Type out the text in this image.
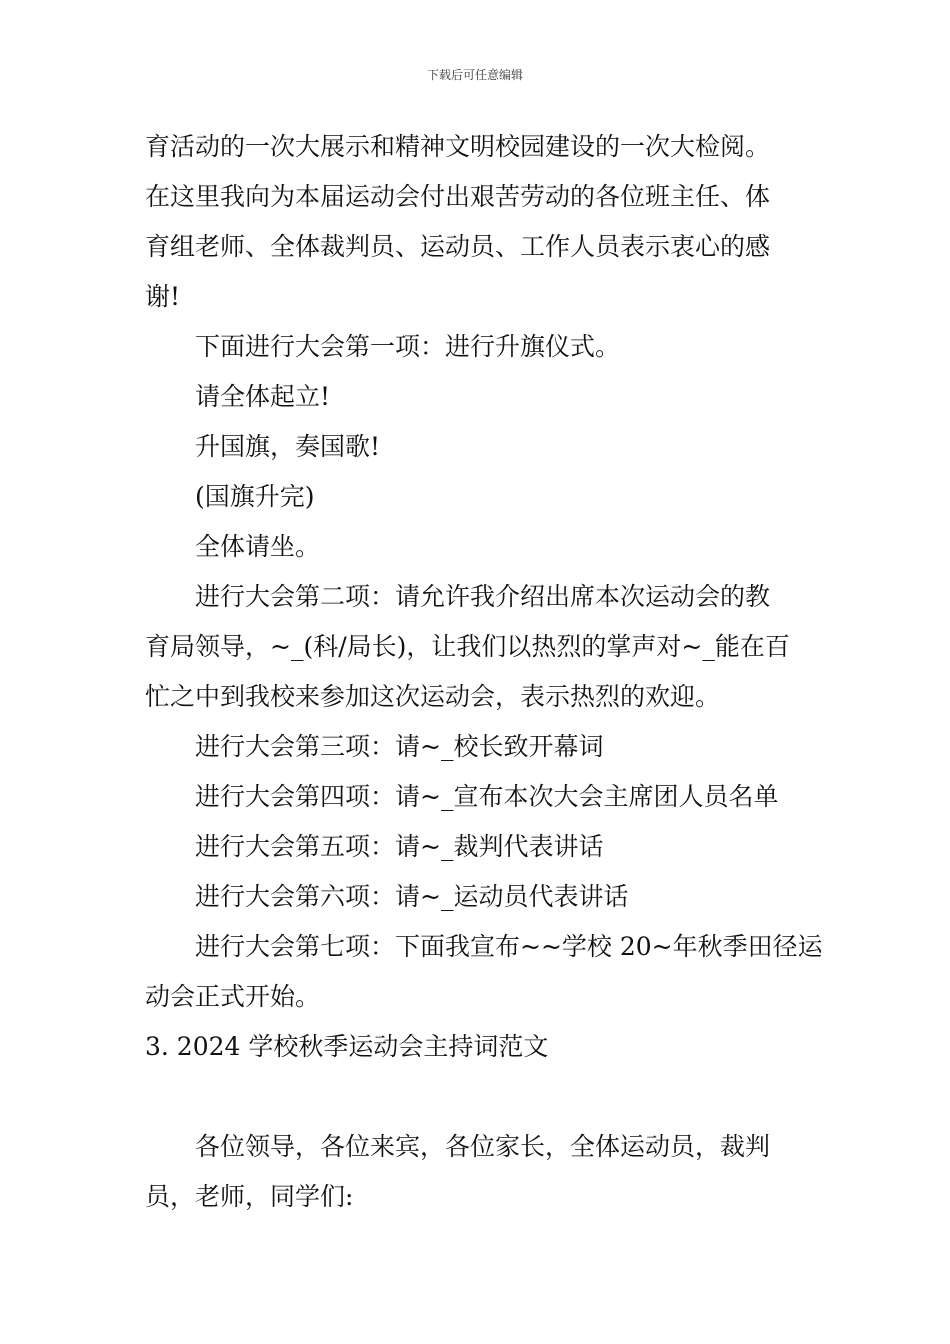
下载后可任意编辑
育活动的一次大展示和精神文明校园建设的一次大检阅。
在这里我向为本届运动会付出艰苦劳动的各位班主任、体
育组老师、全体裁判员、运动员、工作人员表示衷心的感
谢!
下面进行大会第一项：进行升旗仪式。
请全体起立!
升国旗，奏国歌!
(国旗升完)
全体请坐。
进行大会第二项：请允许我介绍出席本次运动会的教
育局领导，~_(科/局长)，让我们以热烈的掌声对~_能在百
忙之中到我校来参加这次运动会，表示热烈的欢迎。
进行大会第三项：请~_校长致开幕词
进行大会第四项：请~_宣布本次大会主席团人员名单
进行大会第五项：请~_裁判代表讲话
进行大会第六项：请~_运动员代表讲话
进行大会第七项：下面我宣布~~学校 20~年秋季田径运
动会正式开始。
3. 2024 学校秋季运动会主持词范文
各位领导，各位来宾，各位家长，全体运动员，裁判
员，老师，同学们:
